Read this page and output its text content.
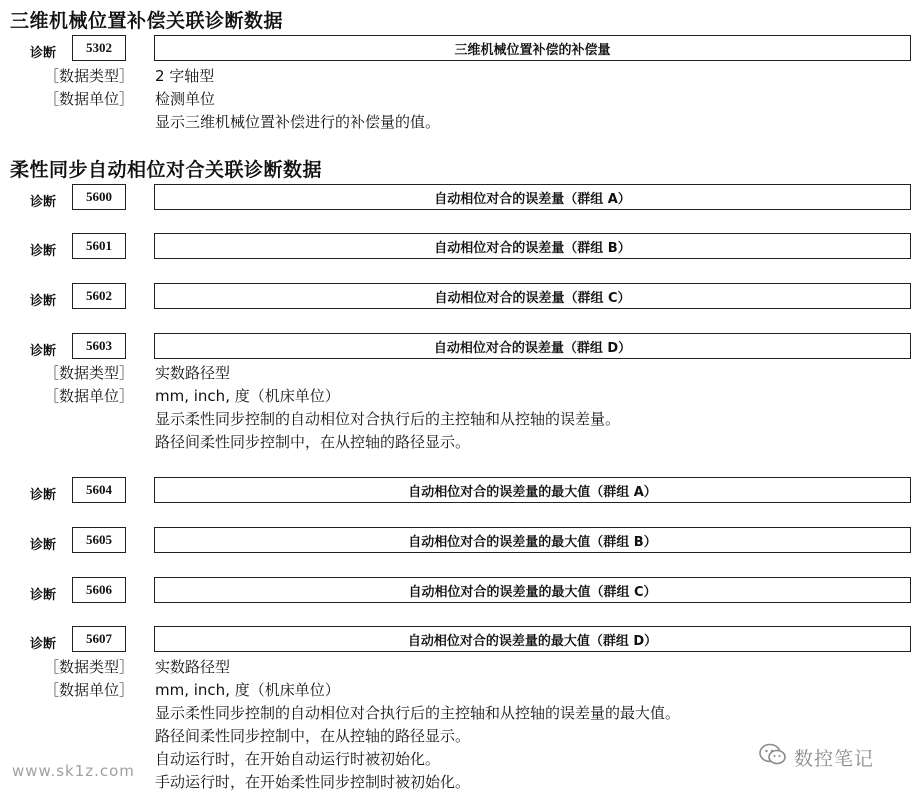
三维机械位置补偿关联诊断数据
诊断	5302	三维机械位置补偿的补偿量
［数据类型］ 2 字轴型
［数据单位］ 检测单位
显示三维机械位置补偿进行的补偿量的值。
柔性同步自动相位对合关联诊断数据
诊断	5600	自动相位对合的误差量（群组 A）
诊断	5601	自动相位对合的误差量（群组 B）
诊断	5602	自动相位对合的误差量（群组 C）
诊断	5603	自动相位对合的误差量（群组 D）
［数据类型］ 实数路径型
［数据单位］ mm, inch, 度（机床单位）
显示柔性同步控制的自动相位对合执行后的主控轴和从控轴的误差量。
路径间柔性同步控制中，在从控轴的路径显示。
诊断	5604	自动相位对合的误差量的最大值（群组 A）
诊断	5605	自动相位对合的误差量的最大值（群组 B）
诊断	5606	自动相位对合的误差量的最大值（群组 C）
诊断	5607	自动相位对合的误差量的最大值（群组 D）
［数据类型］ 实数路径型
［数据单位］ mm, inch, 度（机床单位）
显示柔性同步控制的自动相位对合执行后的主控轴和从控轴的误差量的最大值。
路径间柔性同步控制中，在从控轴的路径显示。
自动运行时，在开始自动运行时被初始化。
手动运行时，在开始柔性同步控制时被初始化。
www.sk1z.com
数控笔记
